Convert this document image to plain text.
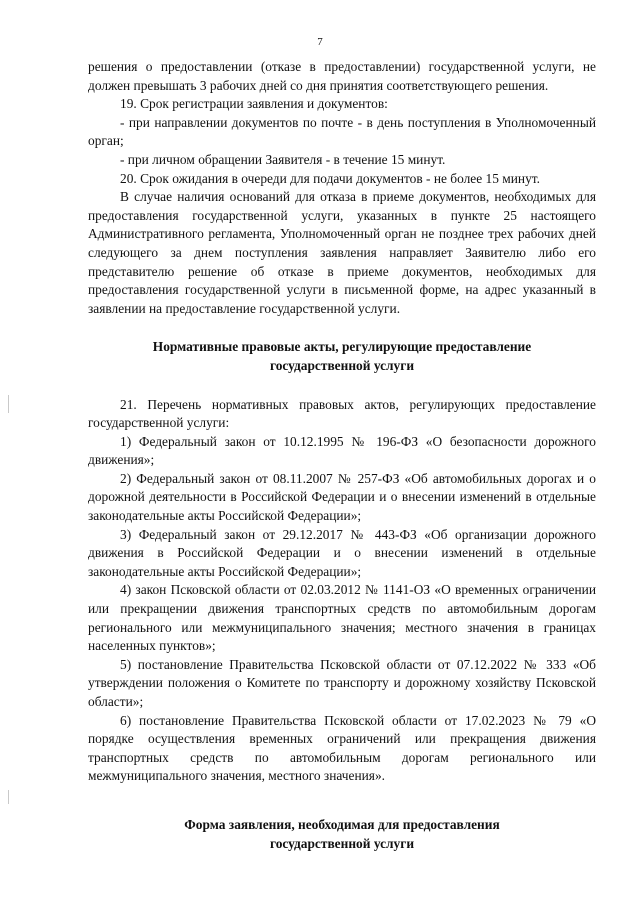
7

решения о предоставлении (отказе в предоставлении) государственной услуги, не должен превышать 3 рабочих дней со дня принятия соответствующего решения.

19. Срок регистрации заявления и документов:

- при направлении документов по почте - в день поступления в Уполномоченный орган;

- при личном обращении Заявителя - в течение 15 минут.

20. Срок ожидания в очереди для подачи документов - не более 15 минут.

В случае наличия оснований для отказа в приеме документов, необходимых для предоставления государственной услуги, указанных в пункте 25 настоящего Административного регламента, Уполномоченный орган не позднее трех рабочих дней следующего за днем поступления заявления направляет Заявителю либо его представителю решение об отказе в приеме документов, необходимых для предоставления государственной услуги в письменной форме, на адрес указанный в заявлении на предоставление государственной услуги.

Нормативные правовые акты, регулирующие предоставление

государственной услуги

21. Перечень нормативных правовых актов, регулирующих предоставление государственной услуги:

1) Федеральный закон от 10.12.1995 № 196-ФЗ «О безопасности дорожного движения»;

2) Федеральный закон от 08.11.2007 № 257-ФЗ «Об автомобильных дорогах и о дорожной деятельности в Российской Федерации и о внесении изменений в отдельные законодательные акты Российской Федерации»;

3) Федеральный закон от 29.12.2017 № 443-ФЗ «Об организации дорожного движения в Российской Федерации и о внесении изменений в отдельные законодательные акты Российской Федерации»;

4) закон Псковской области от 02.03.2012 № 1141-ОЗ «О временных ограничении или прекращении движения транспортных средств по автомобильным дорогам регионального или межмуниципального значения; местного значения в границах населенных пунктов»;

5) постановление Правительства Псковской области от 07.12.2022 № 333 «Об утверждении положения о Комитете по транспорту и дорожному хозяйству Псковской области»;

6) постановление Правительства Псковской области от 17.02.2023 № 79 «О порядке осуществления временных ограничений или прекращения движения транспортных средств по автомобильным дорогам регионального или межмуниципального значения, местного значения».

Форма заявления, необходимая для предоставления

государственной услуги
